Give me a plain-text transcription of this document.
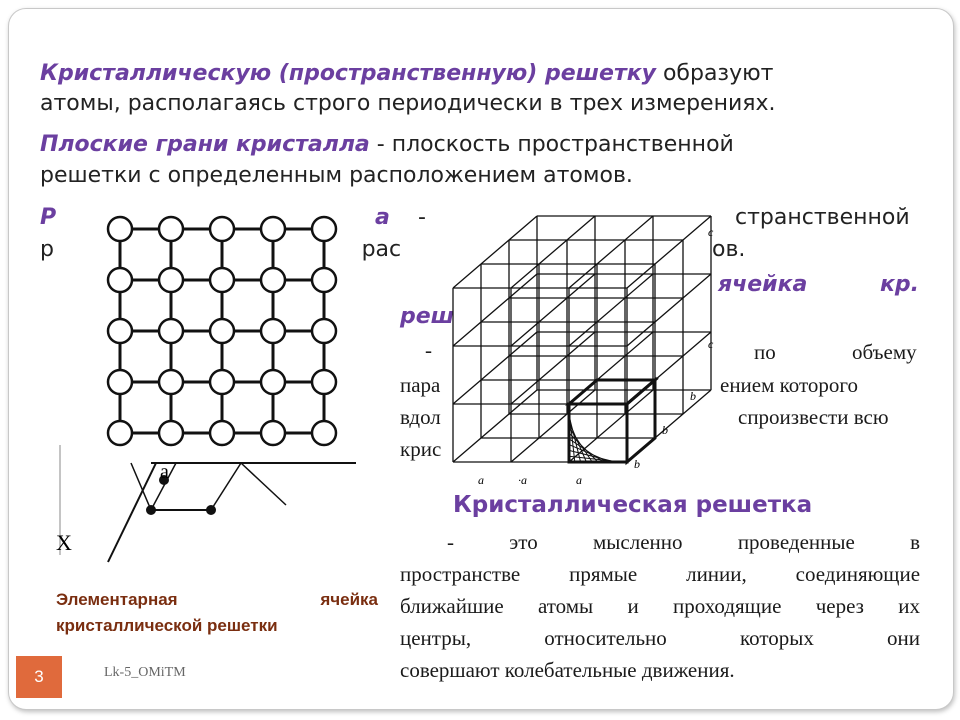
Кристаллическую (пространственную) решетку образуют
атомы, располагаясь строго периодически в трех измерениях.
Плоские грани кристалла - плоскость пространственной
решетки с определенным расположением атомов.
Р	а -	странственной
р	м рас	ов.
ячейка	кр.
реш
-	по	объему
пара	ением которого
вдол	спроизвести всю
крис
a
X
a	·a	a
b
b
b
c
c
Кристаллическая решетка
-	это	мысленно	проведенные	в
пространстве прямые линии, соединяющие
ближайшие атомы и проходящие через их
центры,	относительно	которых	они
совершают колебательные движения.
Элементарная	ячейка
кристаллической решетки
3	Lk-5_OMiTM
